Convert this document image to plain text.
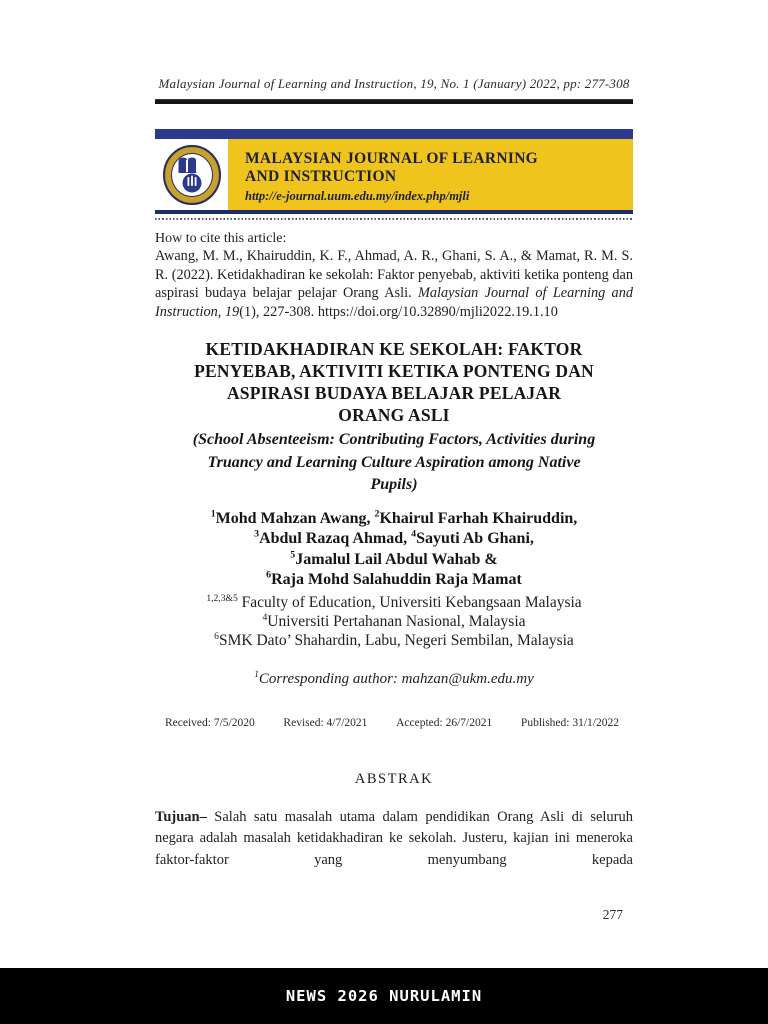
Malaysian Journal of Learning and Instruction, 19, No. 1 (January) 2022, pp: 277-308
MALAYSIAN JOURNAL OF LEARNING
AND INSTRUCTION
http://e-journal.uum.edu.my/index.php/mjli
How to cite this article:

Awang, M. M., Khairuddin, K. F., Ahmad, A. R., Ghani, S. A., & Mamat, R. M. S. R. (2022). Ketidakhadiran ke sekolah: Faktor penyebab, aktiviti ketika ponteng dan aspirasi budaya belajar pelajar Orang Asli. Malaysian Journal of Learning and Instruction, 19(1), 227-308. https://doi.org/10.32890/mjli2022.19.1.10

KETIDAKHADIRAN KE SEKOLAH: FAKTOR
PENYEBAB, AKTIVITI KETIKA PONTENG DAN
ASPIRASI BUDAYA BELAJAR PELAJAR
ORANG ASLI
(School Absenteeism: Contributing Factors, Activities during
Truancy and Learning Culture Aspiration among Native
Pupils)
$^1$Mohd Mahzan Awang, $^2$Khairul Farhah Khairuddin,
$^3$Abdul Razaq Ahmad, $^4$Sayuti Ab Ghani,
$^5$Jamalul Lail Abdul Wahab &
$^6$Raja Mohd Salahuddin Raja Mamat
$^{1,2,3\&5}$ Faculty of Education, Universiti Kebangsaan Malaysia
$^4$Universiti Pertahanan Nasional, Malaysia
$^6$SMK Dato’ Shahardin, Labu, Negeri Sembilan, Malaysia
$^1$Corresponding author: mahzan@ukm.edu.my
Received: 7/5/2020 Revised: 4/7/2021 Accepted: 26/7/2021 Published: 31/1/2022
ABSTRAK

Tujuan– Salah satu masalah utama dalam pendidikan Orang Asli di seluruh negara adalah masalah ketidakhadiran ke sekolah. Justeru, kajian ini meneroka faktor-faktor yang menyumbang kepada

277
NEWS 2026 NURULAMIN
